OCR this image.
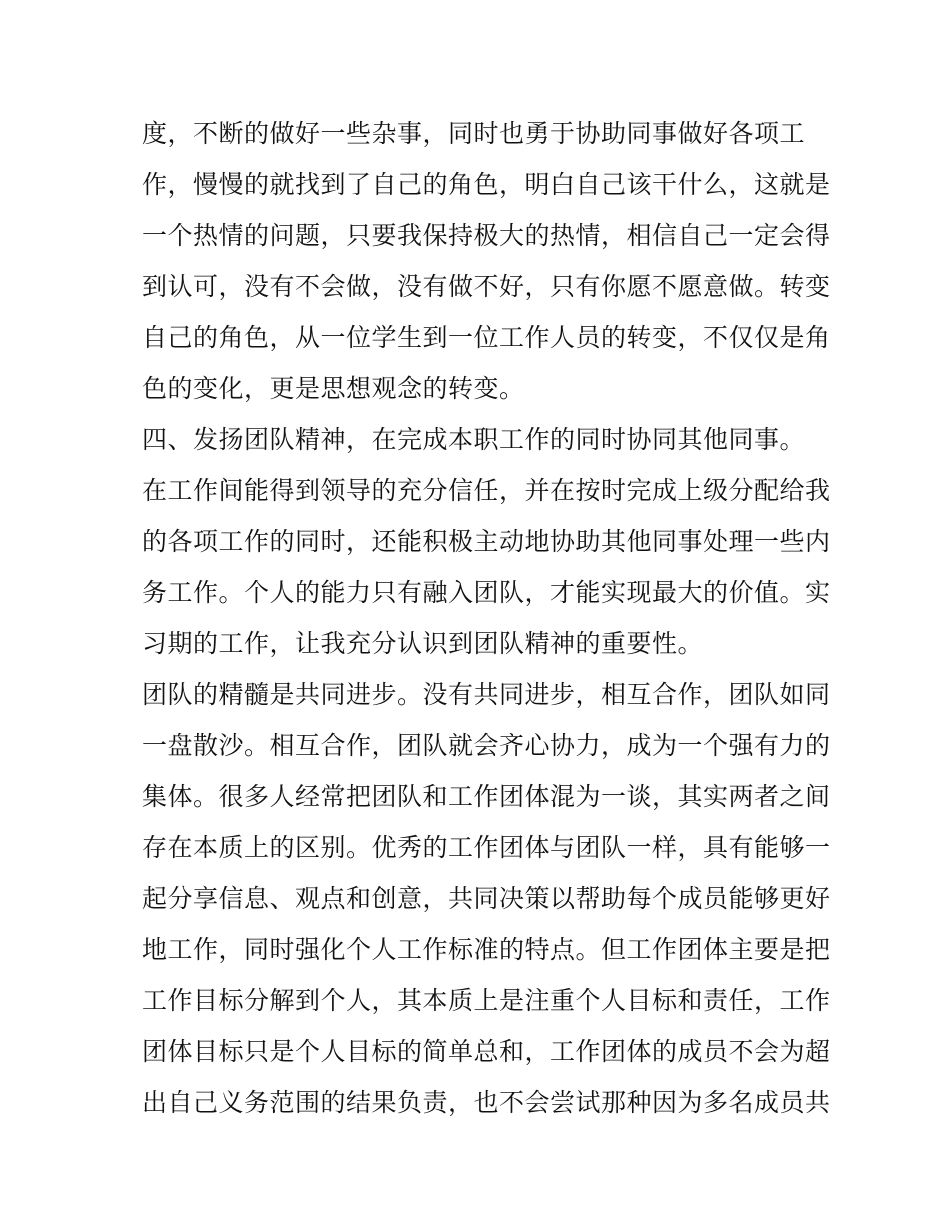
度，不断的做好一些杂事，同时也勇于协助同事做好各项工
作，慢慢的就找到了自己的角色，明白自己该干什么，这就是
一个热情的问题，只要我保持极大的热情，相信自己一定会得
到认可，没有不会做，没有做不好，只有你愿不愿意做。转变
自己的角色，从一位学生到一位工作人员的转变，不仅仅是角
色的变化，更是思想观念的转变。
四、发扬团队精神，在完成本职工作的同时协同其他同事。
在工作间能得到领导的充分信任，并在按时完成上级分配给我
的各项工作的同时，还能积极主动地协助其他同事处理一些内
务工作。个人的能力只有融入团队，才能实现最大的价值。实
习期的工作，让我充分认识到团队精神的重要性。
团队的精髓是共同进步。没有共同进步，相互合作，团队如同
一盘散沙。相互合作，团队就会齐心协力，成为一个强有力的
集体。很多人经常把团队和工作团体混为一谈，其实两者之间
存在本质上的区别。优秀的工作团体与团队一样，具有能够一
起分享信息、观点和创意，共同决策以帮助每个成员能够更好
地工作，同时强化个人工作标准的特点。但工作团体主要是把
工作目标分解到个人，其本质上是注重个人目标和责任，工作
团体目标只是个人目标的简单总和，工作团体的成员不会为超
出自己义务范围的结果负责，也不会尝试那种因为多名成员共
